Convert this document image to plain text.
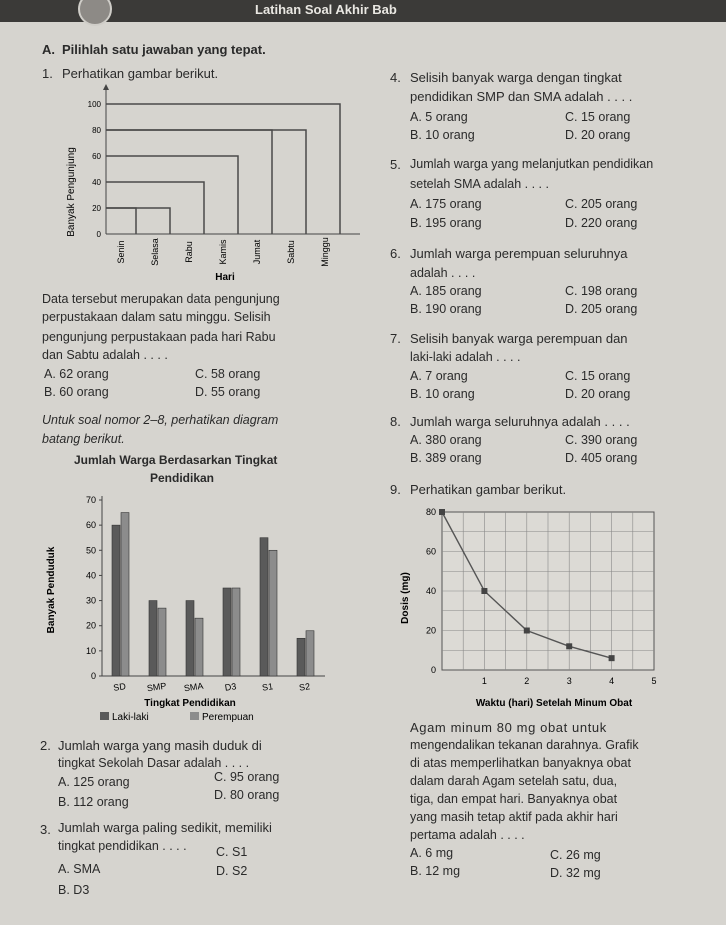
Latihan Soal Akhir Bab
A. Pilihlah satu jawaban yang tepat.
1. Perhatikan gambar berikut.
Banyak Pengunjung 0
20
40
60
80
100
Senin	Selasa	Rabu	Kamis	Jumat	Sabtu	Minggu
Hari
Data tersebut merupakan data pengunjung
perpustakaan dalam satu minggu. Selisih
pengunjung perpustakaan pada hari Rabu
dan Sabtu adalah . . . .
A. 62 orang	C. 58 orang
B. 60 orang	D. 55 orang
Untuk soal nomor 2–8, perhatikan diagram
batang berikut.
Jumlah Warga Berdasarkan Tingkat
Pendidikan
Banyak Penduduk
0
10
20
30
40
50
60
70
SD SMP SMA D3	S1	S2
Tingkat Pendidikan
Laki-laki	Perempuan
2. Jumlah warga yang masih duduk di
tingkat Sekolah Dasar adalah . . . .
A. 125 orang	C. 95 orang
B. 112 orang	D. 80 orang
3. Jumlah warga paling sedikit, memiliki
tingkat pendidikan . . . .
A. SMA
C. S1
B. D3
D. S2
4. Selisih banyak warga dengan tingkat
pendidikan SMP dan SMA adalah . . . .
A. 5 orang	C. 15 orang
B. 10 orang	D. 20 orang
5. Jumlah warga yang melanjutkan pendidikan
setelah SMA adalah . . . .
A. 175 orang	C. 205 orang
B. 195 orang	D. 220 orang
6. Jumlah warga perempuan seluruhnya
adalah . . . .
A. 185 orang	C. 198 orang
B. 190 orang	D. 205 orang
7. Selisih banyak warga perempuan dan
laki-laki adalah . . . .
A. 7 orang	C. 15 orang
B. 10 orang	D. 20 orang
8. Jumlah warga seluruhnya adalah . . . .
A. 380 orang	C. 390 orang
B. 389 orang	D. 405 orang
9. Perhatikan gambar berikut.
Dosis (mg)
0
20
40
60
80
1	2	3	4	5
Waktu (hari) Setelah Minum Obat
Agam minum 80 mg obat untuk
mengendalikan tekanan darahnya. Grafik
di atas memperlihatkan banyaknya obat
dalam darah Agam setelah satu, dua,
tiga, dan empat hari. Banyaknya obat
yang masih tetap aktif pada akhir hari
pertama adalah . . . .
A. 6 mg	C. 26 mg
B. 12 mg	D. 32 mg
